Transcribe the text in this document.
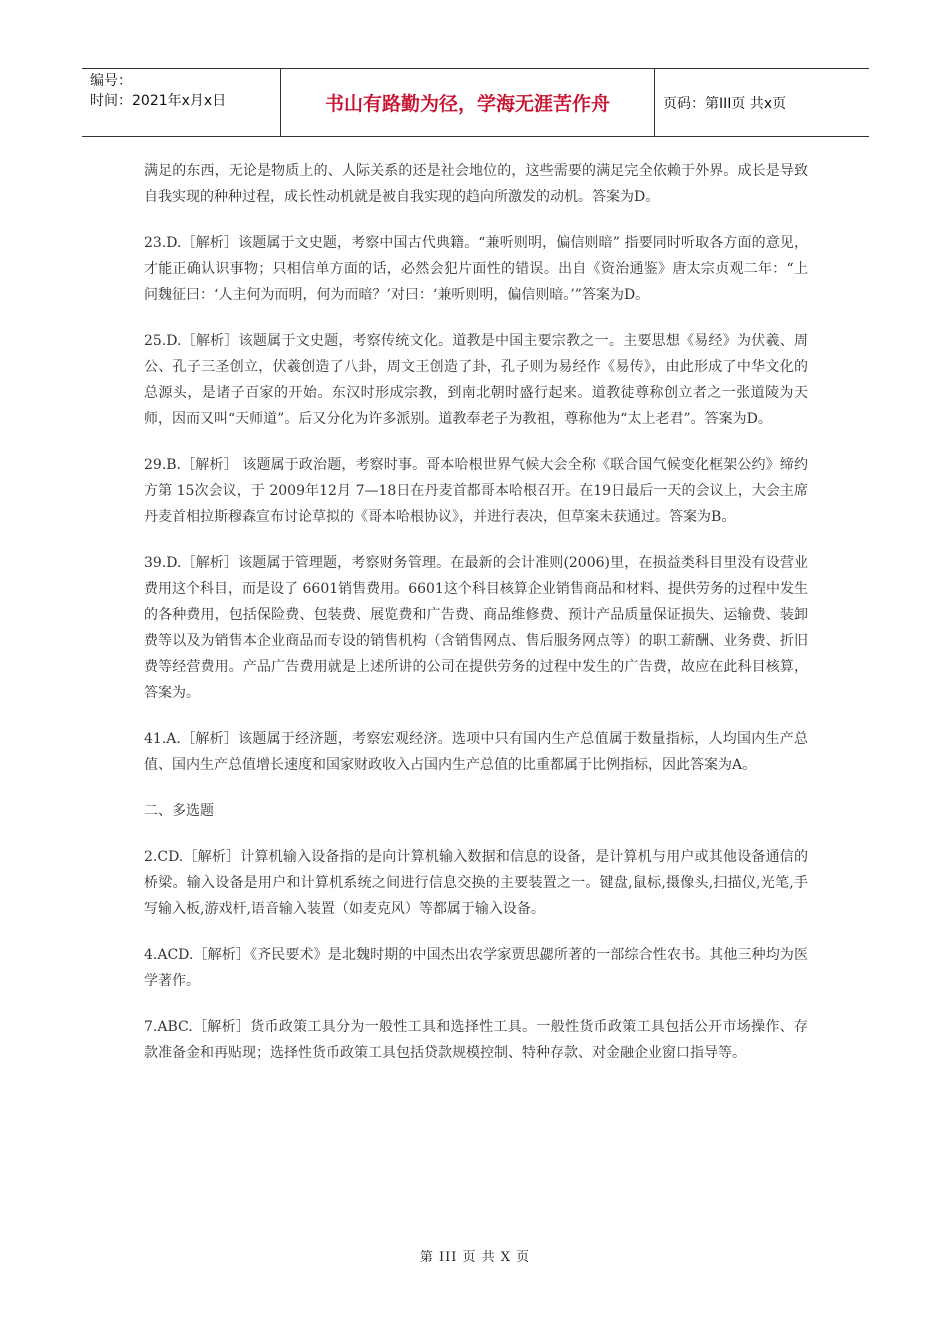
编号：
时间：2021年x月x日	书山有路勤为径，学海无涯苦作舟	页码：第III页 共x页

满足的东西，无论是物质上的、人际关系的还是社会地位的，这些需要的满足完全依赖于外界。成长是导致自我实现的种种过程，成长性动机就是被自我实现的趋向所激发的动机。答案为D。

23.D.［解析］该题属于文史题，考察中国古代典籍。“兼听则明，偏信则暗” 指要同时听取各方面的意见，才能正确认识事物；只相信单方面的话，必然会犯片面性的错误。出自《资治通鉴》唐太宗贞观二年：“上问魏征曰：‘人主何为而明，何为而暗？’对曰：‘兼听则明，偏信则暗。’”答案为D。

25.D.［解析］该题属于文史题，考察传统文化。道教是中国主要宗教之一。主要思想《易经》为伏羲、周公、孔子三圣创立，伏羲创造了八卦，周文王创造了卦，孔子则为易经作《易传》，由此形成了中华文化的总源头，是诸子百家的开始。东汉时形成宗教，到南北朝时盛行起来。道教徒尊称创立者之一张道陵为天师，因而又叫“天师道”。后又分化为许多派别。道教奉老子为教祖，尊称他为“太上老君”。答案为D。

29.B.［解析］ 该题属于政治题，考察时事。哥本哈根世界气候大会全称《联合国气候变化框架公约》缔约方第 15次会议，于 2009年12月 7—18日在丹麦首都哥本哈根召开。在19日最后一天的会议上，大会主席丹麦首相拉斯穆森宣布讨论草拟的《哥本哈根协议》，并进行表决，但草案未获通过。答案为B。

39.D.［解析］该题属于管理题，考察财务管理。在最新的会计准则(2006)里，在损益类科目里没有设营业费用这个科目，而是设了 6601销售费用。6601这个科目核算企业销售商品和材料、提供劳务的过程中发生的各种费用，包括保险费、包装费、展览费和广告费、商品维修费、预计产品质量保证损失、运输费、装卸费等以及为销售本企业商品而专设的销售机构（含销售网点、售后服务网点等）的职工薪酬、业务费、折旧费等经营费用。产品广告费用就是上述所讲的公司在提供劳务的过程中发生的广告费，故应在此科目核算，答案为。

41.A.［解析］该题属于经济题，考察宏观经济。选项中只有国内生产总值属于数量指标，人均国内生产总值、国内生产总值增长速度和国家财政收入占国内生产总值的比重都属于比例指标，因此答案为A。

二、多选题

2.CD.［解析］计算机输入设备指的是向计算机输入数据和信息的设备，是计算机与用户或其他设备通信的桥梁。输入设备是用户和计算机系统之间进行信息交换的主要装置之一。键盘,鼠标,摄像头,扫描仪,光笔,手写输入板,游戏杆,语音输入装置（如麦克风）等都属于输入设备。

4.ACD.［解析］《齐民要术》是北魏时期的中国杰出农学家贾思勰所著的一部综合性农书。其他三种均为医学著作。

7.ABC.［解析］货币政策工具分为一般性工具和选择性工具。一般性货币政策工具包括公开市场操作、存款准备金和再贴现；选择性货币政策工具包括贷款规模控制、特种存款、对金融企业窗口指导等。

第 III 页 共 X 页
